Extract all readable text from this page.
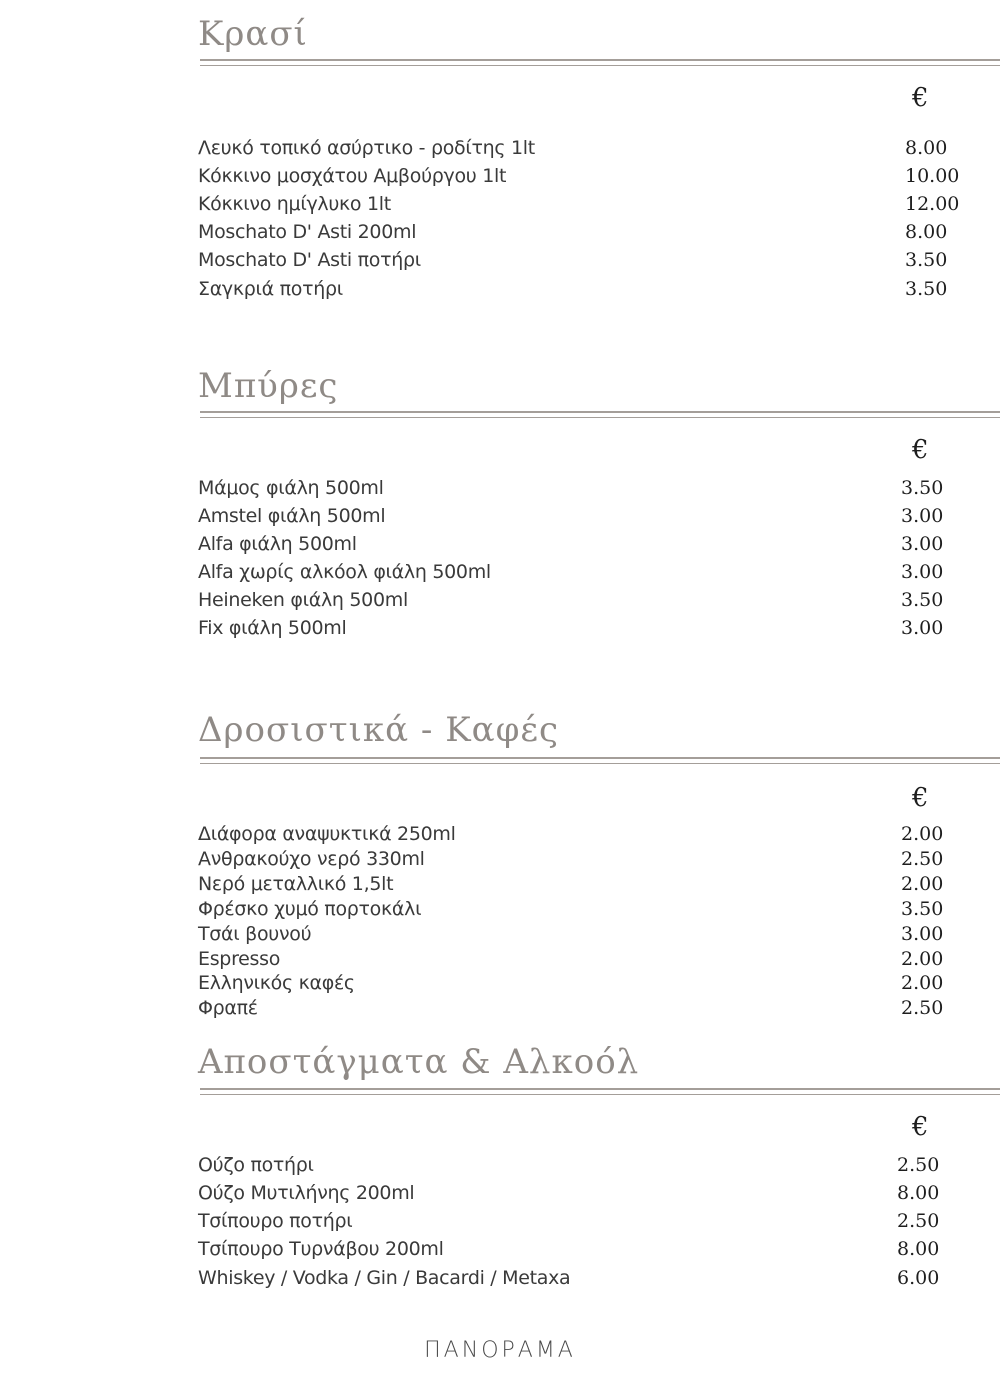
Κρασί
€
Λευκό τοπικό ασύρτικο - ροδίτης 1lt	8.00
Κόκκινο μοσχάτου Αμβούργου 1lt	10.00
Κόκκινο ημίγλυκο 1lt	12.00
Moschato D' Asti 200ml	8.00
Moschato D' Asti ποτήρι	3.50
Σαγκριά ποτήρι	3.50
Μπύρες
€
Μάμος φιάλη 500ml	3.50
Amstel φιάλη 500ml	3.00
Alfa φιάλη 500ml	3.00
Alfa χωρίς αλκόολ φιάλη 500ml	3.00
Heineken φιάλη 500ml	3.50
Fix φιάλη 500ml	3.00
Δροσιστικά - Καφές
€
Διάφορα αναψυκτικά 250ml	2.00
Ανθρακούχο νερό 330ml	2.50
Νερό μεταλλικό 1,5lt	2.00
Φρέσκο χυμό πορτοκάλι	3.50
Τσάι βουνού	3.00
Espresso	2.00
Ελληνικός καφές	2.00
Φραπέ	2.50
Αποστάγματα & Αλκοόλ
€
Ούζο ποτήρι	2.50
Ούζο Μυτιλήνης 200ml	8.00
Τσίπουρο ποτήρι	2.50
Τσίπουρο Τυρνάβου 200ml	8.00
Whiskey / Vodka / Gin / Bacardi / Metaxa	6.00
ΠΑΝΟΡΑΜΑ
